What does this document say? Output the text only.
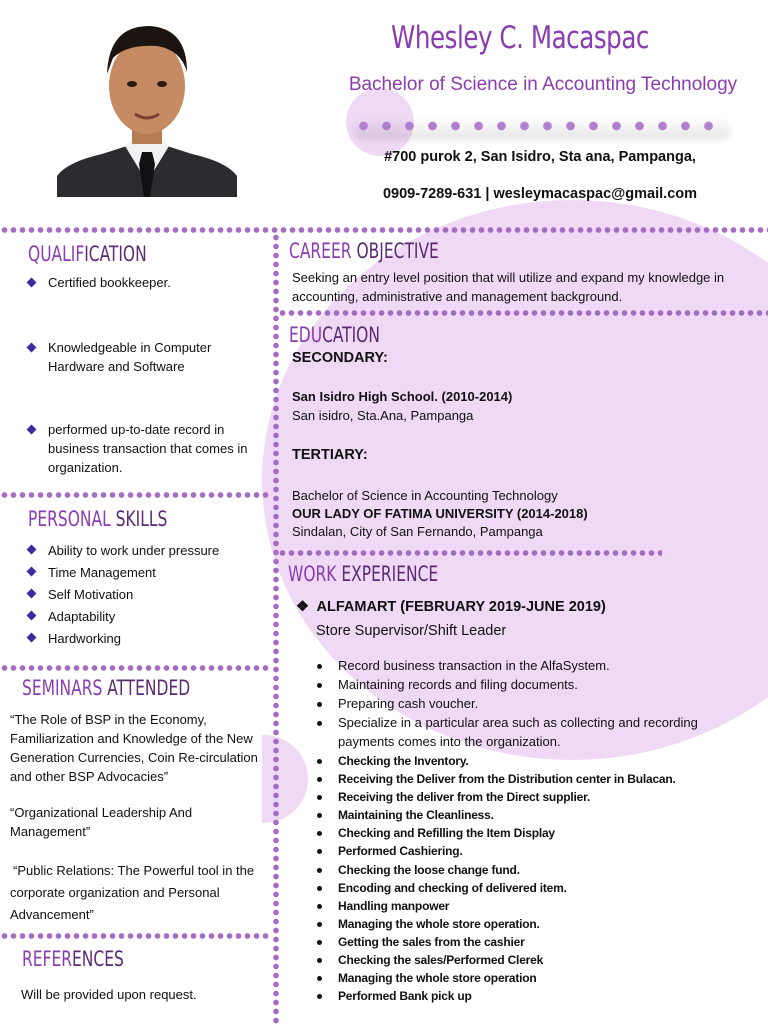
Whesley C. Macaspac
Bachelor of Science in Accounting Technology
#700 purok 2, San Isidro, Sta ana, Pampanga,
0909-7289-631 | wesleymacaspac@gmail.com
QUALIFICATION
Certified bookkeeper.
Knowledgeable in Computer Hardware and Software
performed up-to-date record in business transaction that comes in organization.
PERSONAL SKILLS
Ability to work under pressure
Time Management
Self Motivation
Adaptability
Hardworking
SEMINARS ATTENDED
“The Role of BSP in the Economy, Familiarization and Knowledge of the New Generation Currencies, Coin Re-circulation and other BSP Advocacies”
“Organizational Leadership And Management”
“Public Relations: The Powerful tool in the corporate organization and Personal Advancement”
REFERENCES
Will be provided upon request.
CAREER OBJECTIVE
Seeking an entry level position that will utilize and expand my knowledge in accounting, administrative and management background.
EDUCATION
SECONDARY:
San Isidro High School. (2010-2014)
San isidro, Sta.Ana, Pampanga
TERTIARY:
Bachelor of Science in Accounting Technology
OUR LADY OF FATIMA UNIVERSITY (2014-2018)
Sindalan, City of San Fernando, Pampanga
WORK EXPERIENCE
❖ ALFAMART (FEBRUARY 2019-JUNE 2019)
Store Supervisor/Shift Leader
Record business transaction in the AlfaSystem.
Maintaining records and filing documents.
Preparing cash voucher.
Specialize in a particular area such as collecting and recording payments comes into the organization.
Checking the Inventory.
Receiving the Deliver from the Distribution center in Bulacan.
Receiving the deliver from the Direct supplier.
Maintaining the Cleanliness.
Checking and Refilling the Item Display
Performed Cashiering.
Checking the loose change fund.
Encoding and checking of delivered item.
Handling manpower
Managing the whole store operation.
Getting the sales from the cashier
Checking the sales/Performed Clerek
Managing the whole store operation
Performed Bank pick up
